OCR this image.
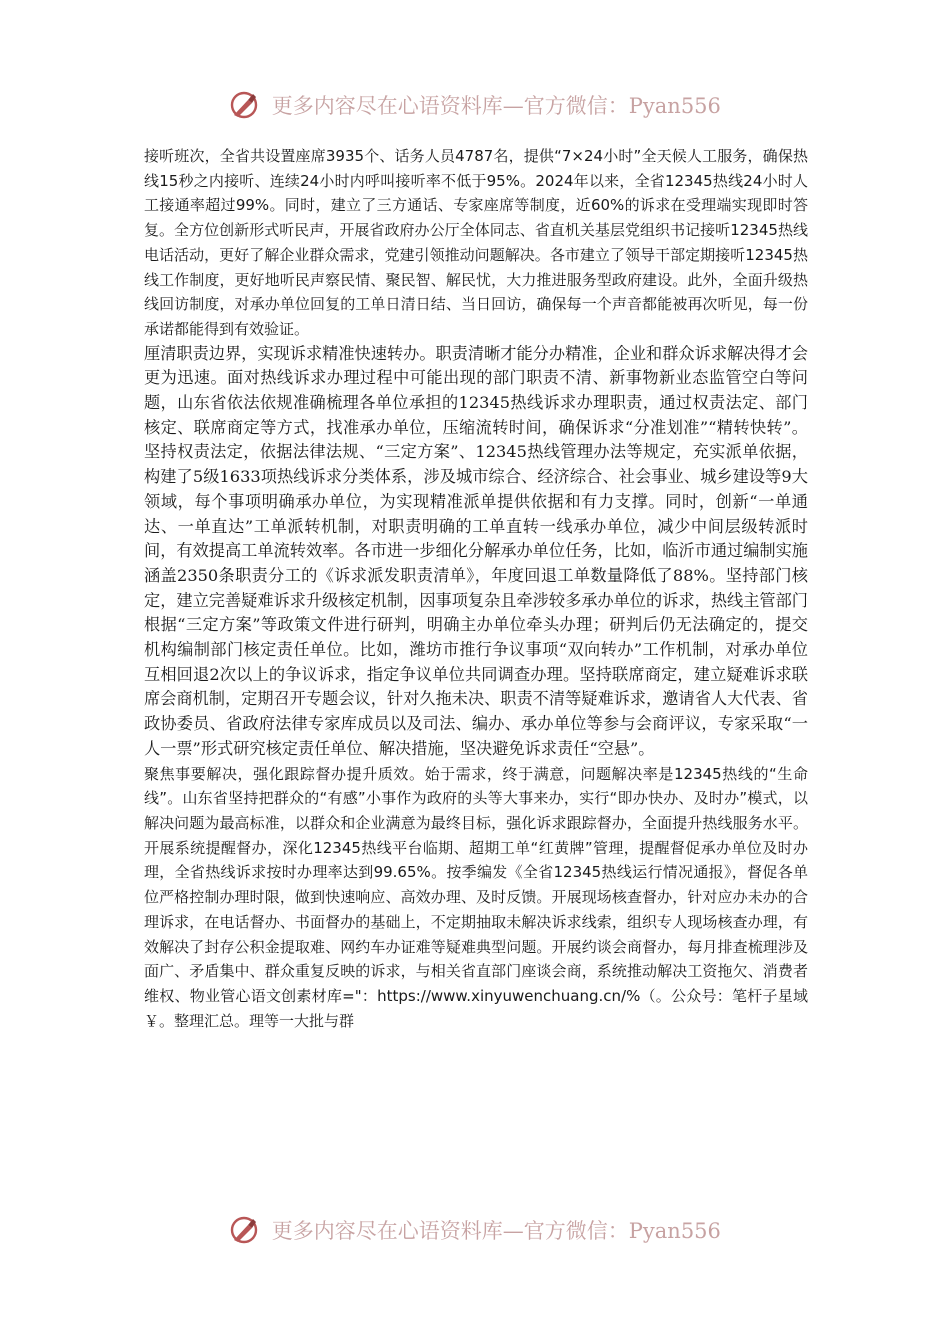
更多内容尽在心语资料库—官方微信：Pyan556

接听班次，全省共设置座席3935个、话务人员4787名，提供“7×24小时”全天候人工服务，确保热线15秒之内接听、连续24小时内呼叫接听率不低于95%。2024年以来，全省12345热线24小时人工接通率超过99%。同时，建立了三方通话、专家座席等制度，近60%的诉求在受理端实现即时答复。全方位创新形式听民声，开展省政府办公厅全体同志、省直机关基层党组织书记接听12345热线电话活动，更好了解企业群众需求，党建引领推动问题解决。各市建立了领导干部定期接听12345热线工作制度，更好地听民声察民情、聚民智、解民忧，大力推进服务型政府建设。此外，全面升级热线回访制度，对承办单位回复的工单日清日结、当日回访，确保每一个声音都能被再次听见，每一份承诺都能得到有效验证。

厘清职责边界，实现诉求精准快速转办。职责清晰才能分办精准，企业和群众诉求解决得才会更为迅速。面对热线诉求办理过程中可能出现的部门职责不清、新事物新业态监管空白等问题，山东省依法依规准确梳理各单位承担的12345热线诉求办理职责，通过权责法定、部门核定、联席商定等方式，找准承办单位，压缩流转时间，确保诉求“分准划准”“精转快转”。坚持权责法定，依据法律法规、“三定方案”、12345热线管理办法等规定，充实派单依据，构建了5级1633项热线诉求分类体系，涉及城市综合、经济综合、社会事业、城乡建设等9大领域，每个事项明确承办单位，为实现精准派单提供依据和有力支撑。同时，创新“一单通达、一单直达”工单派转机制，对职责明确的工单直转一线承办单位，减少中间层级转派时间，有效提高工单流转效率。各市进一步细化分解承办单位任务，比如，临沂市通过编制实施涵盖2350条职责分工的《诉求派发职责清单》，年度回退工单数量降低了88%。坚持部门核定，建立完善疑难诉求升级核定机制，因事项复杂且牵涉较多承办单位的诉求，热线主管部门根据“三定方案”等政策文件进行研判，明确主办单位牵头办理；研判后仍无法确定的，提交机构编制部门核定责任单位。比如，潍坊市推行争议事项“双向转办”工作机制，对承办单位互相回退2次以上的争议诉求，指定争议单位共同调查办理。坚持联席商定，建立疑难诉求联席会商机制，定期召开专题会议，针对久拖未决、职责不清等疑难诉求，邀请省人大代表、省政协委员、省政府法律专家库成员以及司法、编办、承办单位等参与会商评议，专家采取“一人一票”形式研究核定责任单位、解决措施，坚决避免诉求责任“空悬”。

聚焦事要解决，强化跟踪督办提升质效。始于需求，终于满意，问题解决率是12345热线的“生命线”。山东省坚持把群众的“有感”小事作为政府的头等大事来办，实行“即办快办、及时办”模式，以解决问题为最高标准，以群众和企业满意为最终目标，强化诉求跟踪督办，全面提升热线服务水平。开展系统提醒督办，深化12345热线平台临期、超期工单“红黄牌”管理，提醒督促承办单位及时办理，全省热线诉求按时办理率达到99.65%。按季编发《全省12345热线运行情况通报》，督促各单位严格控制办理时限，做到快速响应、高效办理、及时反馈。开展现场核查督办，针对应办未办的合理诉求，在电话督办、书面督办的基础上，不定期抽取未解决诉求线索，组织专人现场核查办理，有效解决了封存公积金提取难、网约车办证难等疑难典型问题。开展约谈会商督办，每月排查梳理涉及面广、矛盾集中、群众重复反映的诉求，与相关省直部门座谈会商，系统推动解决工资拖欠、消费者维权、物业管心语文创素材库="：https://www.xinyuwenchuang.cn/%（。公众号：笔杆子星域￥。整理汇总。理等一大批与群

更多内容尽在心语资料库—官方微信：Pyan556
